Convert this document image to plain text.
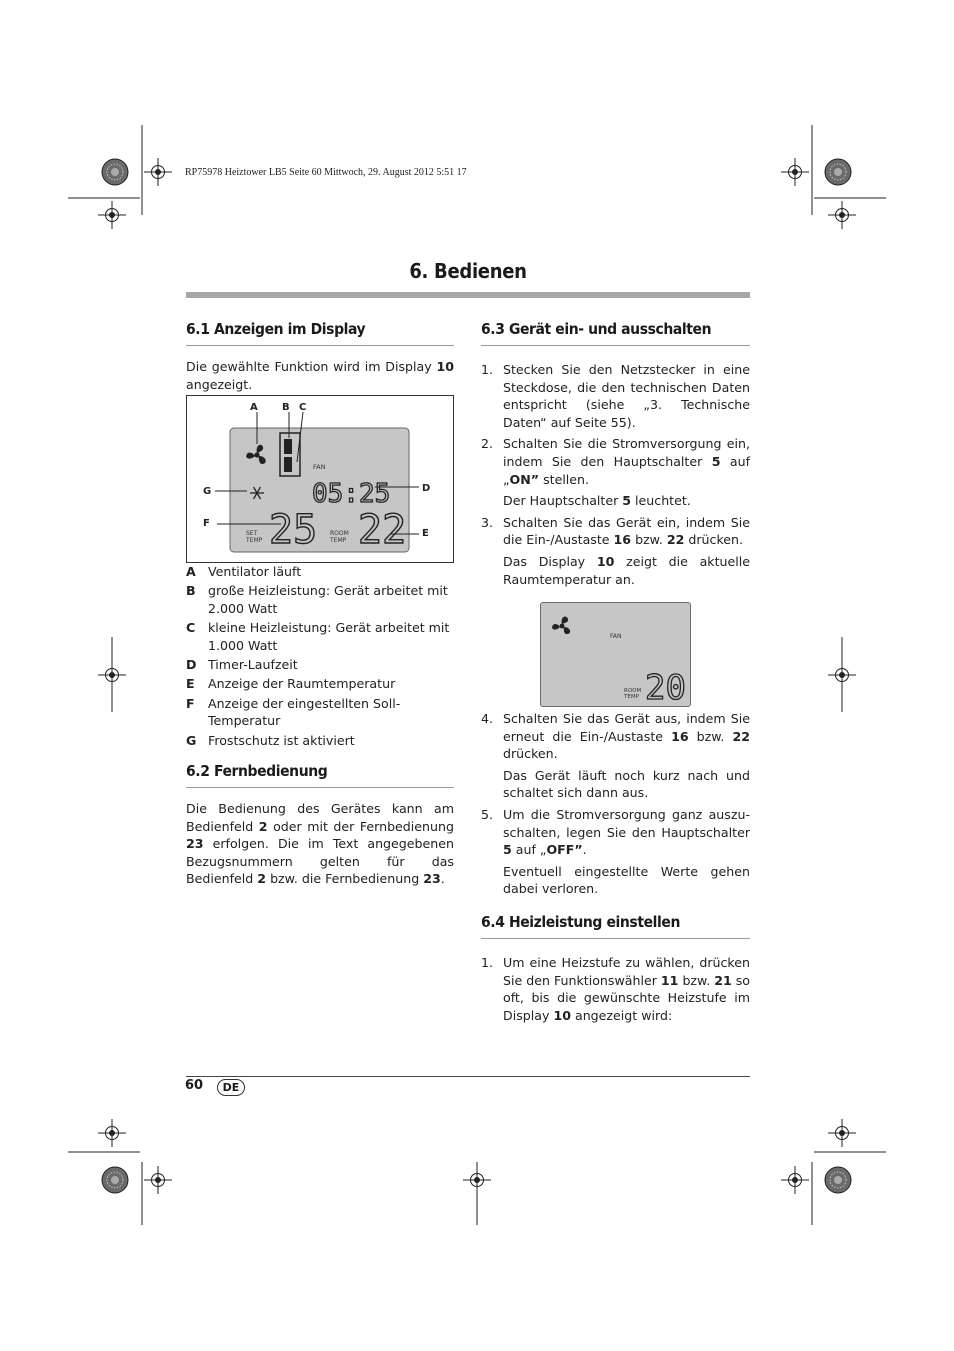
RP75978 Heiztower LB5 Seite 60 Mittwoch, 29. August 2012 5:51 17
6. Bedienen
6.1 Anzeigen im Display
Die gewählte Funktion wird im Display 10 angezeigt.
FAN
05:25
SET
TEMP 25 ROOM
TEMP 22
A B C
D
E
F
G
A Ventilator läuft
B große Heizleistung: Gerät arbeitet mit 2.000 Watt
C	kleine Heizleistung: Gerät arbeitet mit 1.000 Watt
D Timer-Laufzeit
E	Anzeige der Raumtemperatur
F	Anzeige der eingestellten Soll-Temperatur
G Frostschutz ist aktiviert
6.2 Fernbedienung
Die Bedienung des Gerätes kann am Bedienfeld 2 oder mit der Fernbedienung 23 erfolgen. Die im Text angegebenen Bezugsnummern gelten für das Bedienfeld 2 bzw. die Fernbedienung 23.
6.3 Gerät ein- und ausschalten
1. Stecken Sie den Netzstecker in eine Steckdose, die den technischen Daten entspricht (siehe „3. Technische Daten“ auf Seite 55).
2. Schalten Sie die Stromversorgung ein, indem Sie den Hauptschalter 5 auf „ON” stellen.
Der Hauptschalter 5 leuchtet.
3. Schalten Sie das Gerät ein, indem Sie die Ein-/Austaste 16 bzw. 22 drücken.
Das Display 10 zeigt die aktuelle Raumtemperatur an.
FAN
ROOM
TEMP 20
4. Schalten Sie das Gerät aus, indem Sie erneut die Ein-/Austaste 16 bzw. 22 drücken.
Das Gerät läuft noch kurz nach und schaltet sich dann aus.
5. Um die Stromversorgung ganz auszu-schalten, legen Sie den Hauptschalter 5 auf „OFF”.
Eventuell eingestellte Werte gehen dabei verloren.
6.4 Heizleistung einstellen
1. Um eine Heizstufe zu wählen, drücken Sie den Funktionswähler 11 bzw. 21 so oft, bis die gewünschte Heizstufe im Display 10 angezeigt wird:
60	DE
